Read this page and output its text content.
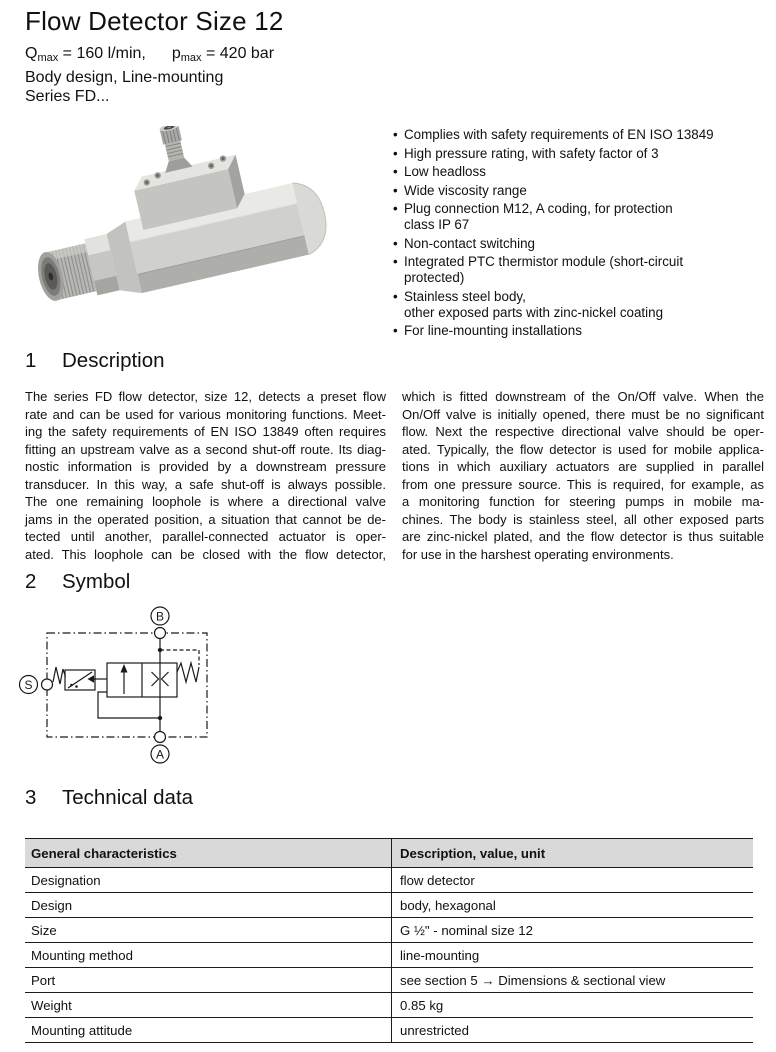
Flow Detector Size 12
$Q_{max} = 160$ l/min, $p_{max} = 420$ bar
Body design, Line-mounting
Series FD...
• Complies with safety requirements of EN ISO 13849
• High pressure rating, with safety factor of 3
• Low headloss
• Wide viscosity range
• Plug connection M12, A coding, for protection
class IP 67
• Non-contact switching
• Integrated PTC thermistor module (short-circuit
protected)
• Stainless steel body,
other exposed parts with zinc-nickel coating
• For line-mounting installations
1 Description
The series FD flow detector, size 12, detects a preset flow
rate and can be used for various monitoring functions. Meet-
ing the safety requirements of EN ISO 13849 often requires
fitting an upstream valve as a second shut-off route. Its diag-
nostic information is provided by a downstream pressure
transducer. In this way, a safe shut-off is always possible.
The one remaining loophole is where a directional valve
jams in the operated position, a situation that cannot be de-
tected until another, parallel-connected actuator is oper-
ated. This loophole can be closed with the flow detector,
which is fitted downstream of the On/Off valve. When the
On/Off valve is initially opened, there must be no significant
flow. Next the respective directional valve should be oper-
ated. Typically, the flow detector is used for mobile applica-
tions in which auxiliary actuators are supplied in parallel
from one pressure source. This is required, for example, as
a monitoring function for steering pumps in mobile ma-
chines. The body is stainless steel, all other exposed parts
are zinc-nickel plated, and the flow detector is thus suitable
for use in the harshest operating environments.
2 Symbol
B
A
S
3 Technical data
General characteristics	Description, value, unit
Designation	flow detector
Design	body, hexagonal
Size	G ½" - nominal size 12
Mounting method	line-mounting
Port	see section 5 → Dimensions & sectional view
Weight	0.85 kg
Mounting attitude	unrestricted
